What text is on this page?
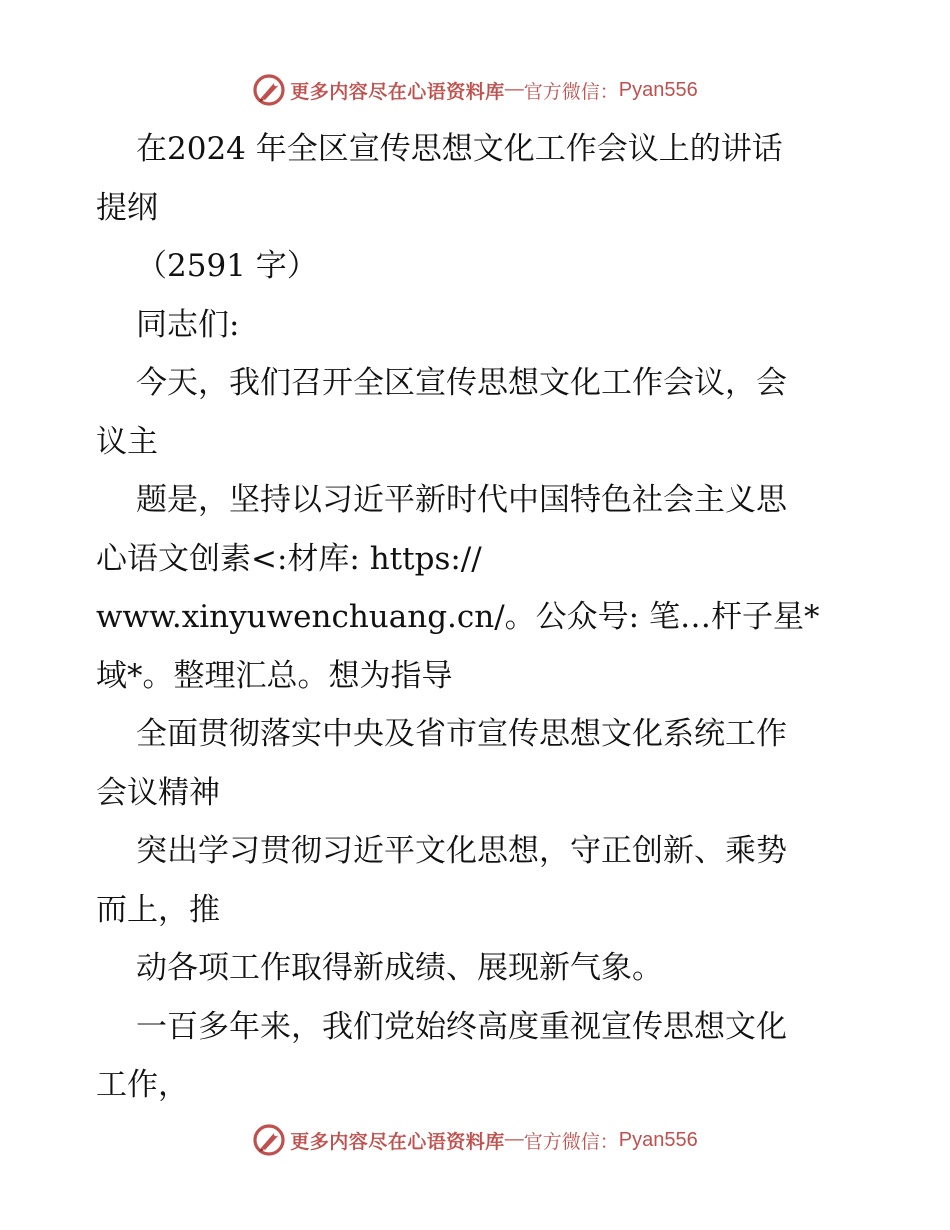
更多内容尽在心语资料库 — 官方微信： Pyan556
在2024 年全区宣传思想文化工作会议上的讲话
提纲
（2591 字）
同志们:
今天，我们召开全区宣传思想文化工作会议，会
议主
题是，坚持以习近平新时代中国特色社会主义思
心语文创素<:材库: https://
www.xinyuwenchuang.cn/。公众号: 笔…杆子星*
域*。整理汇总。想为指导
全面贯彻落实中央及省市宣传思想文化系统工作
会议精神
突出学习贯彻习近平文化思想，守正创新、乘势
而上，推
动各项工作取得新成绩、展现新气象。
一百多年来，我们党始终高度重视宣传思想文化
工作，
更多内容尽在心语资料库 — 官方微信： Pyan556
